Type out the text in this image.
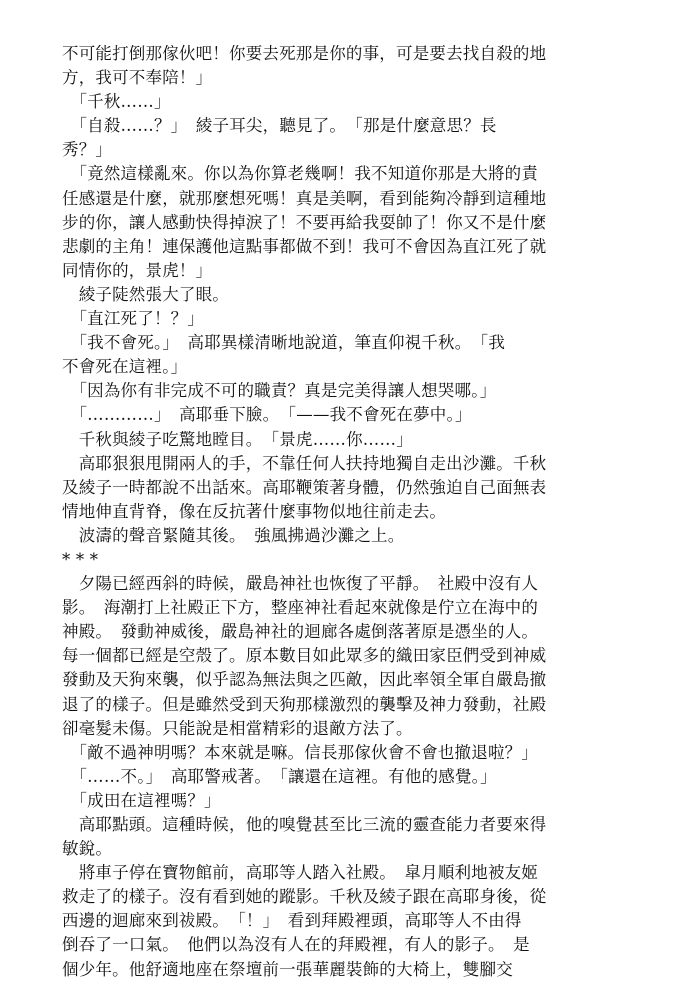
不可能打倒那傢伙吧！你要去死那是你的事，可是要去找自殺的地
方，我可不奉陪！」
　「千秋……」
　「自殺……？」　綾子耳尖，聽見了。　「那是什麼意思？長
秀？」
　「竟然這樣亂來。你以為你算老幾啊！我不知道你那是大將的責
任感還是什麼，就那麼想死嗎！真是美啊，看到能夠冷靜到這種地
步的你，讓人感動快得掉淚了！不要再給我耍帥了！你又不是什麼
悲劇的主角！連保護他這點事都做不到！我可不會因為直江死了就
同情你的，景虎！」
　綾子陡然張大了眼。
　「直江死了！？」
　「我不會死。」　高耶異樣清晰地說道，筆直仰視千秋。　「我
不會死在這裡。」
　「因為你有非完成不可的職責？真是完美得讓人想哭哪。」
　「…………」　高耶垂下臉。　「——我不會死在夢中。」
　千秋與綾子吃驚地瞠目。　「景虎……你……」
　高耶狠狠甩開兩人的手，不靠任何人扶持地獨自走出沙灘。千秋
及綾子一時都說不出話來。高耶鞭策著身體，仍然強迫自己面無表
情地伸直背脊，像在反抗著什麼事物似地往前走去。
　波濤的聲音緊隨其後。　強風拂過沙灘之上。
* * *
　夕陽已經西斜的時候，嚴島神社也恢復了平靜。　社殿中沒有人
影。　海潮打上社殿正下方，整座神社看起來就像是佇立在海中的
神殿。　發動神威後，嚴島神社的迴廊各處倒落著原是憑坐的人。
每一個都已經是空殼了。原本數目如此眾多的織田家臣們受到神威
發動及天狗來襲，似乎認為無法與之匹敵，因此率領全軍自嚴島撤
退了的樣子。但是雖然受到天狗那樣激烈的襲擊及神力發動，社殿
卻毫髮未傷。只能說是相當精彩的退敵方法了。
　「敵不過神明嗎？本來就是嘛。信長那傢伙會不會也撤退啦？」
　「……不。」　高耶警戒著。　「讓還在這裡。有他的感覺。」
　「成田在這裡嗎？」
　高耶點頭。這種時候，他的嗅覺甚至比三流的靈查能力者要來得
敏銳。
　將車子停在寶物館前，高耶等人踏入社殿。　皐月順利地被友姬
救走了的樣子。沒有看到她的蹤影。千秋及綾子跟在高耶身後，從
西邊的迴廊來到祓殿。　「！」　看到拜殿裡頭，高耶等人不由得
倒吞了一口氣。　他們以為沒有人在的拜殿裡，有人的影子。　是
個少年。他舒適地座在祭壇前一張華麗裝飾的大椅上，雙腳交
